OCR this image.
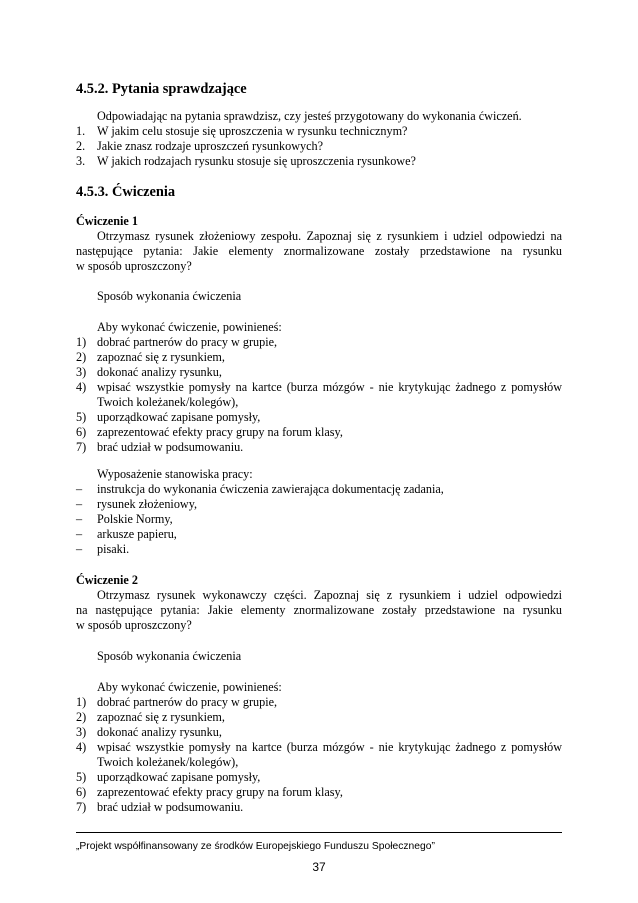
4.5.2. Pytania sprawdzające

Odpowiadając na pytania sprawdzisz, czy jesteś przygotowany do wykonania ćwiczeń.

1. W jakim celu stosuje się uproszczenia w rysunku technicznym?
2. Jakie znasz rodzaje uproszczeń rysunkowych?
3. W jakich rodzajach rysunku stosuje się uproszczenia rysunkowe?
4.5.3. Ćwiczenia

Ćwiczenie 1

Otrzymasz rysunek złożeniowy zespołu. Zapoznaj się z rysunkiem i udziel odpowiedzi na

następujące pytania: Jakie elementy znormalizowane zostały przedstawione na rysunku

w sposób uproszczony?

Sposób wykonania ćwiczenia

Aby wykonać ćwiczenie, powinieneś:

1) dobrać partnerów do pracy w grupie,
2) zapoznać się z rysunkiem,
3) dokonać analizy rysunku,
4) wpisać wszystkie pomysły na kartce (burza mózgów - nie krytykując żadnego z pomysłów Twoich koleżanek/kolegów),
5) uporządkować zapisane pomysły,
6) zaprezentować efekty pracy grupy na forum klasy,
7) brać udział w podsumowaniu.

Wyposażenie stanowiska pracy:

– instrukcja do wykonania ćwiczenia zawierająca dokumentację zadania,
– rysunek złożeniowy,
– Polskie Normy,
– arkusze papieru,
– pisaki.

Ćwiczenie 2

Otrzymasz rysunek wykonawczy części. Zapoznaj się z rysunkiem i udziel odpowiedzi

na następujące pytania: Jakie elementy znormalizowane zostały przedstawione na rysunku

w sposób uproszczony?

Sposób wykonania ćwiczenia

Aby wykonać ćwiczenie, powinieneś:

1) dobrać partnerów do pracy w grupie,
2) zapoznać się z rysunkiem,
3) dokonać analizy rysunku,
4) wpisać wszystkie pomysły na kartce (burza mózgów - nie krytykując żadnego z pomysłów Twoich koleżanek/kolegów),
5) uporządkować zapisane pomysły,
6) zaprezentować efekty pracy grupy na forum klasy,
7) brać udział w podsumowaniu.
„Projekt współfinansowany ze środków Europejskiego Funduszu Społecznego”
37
